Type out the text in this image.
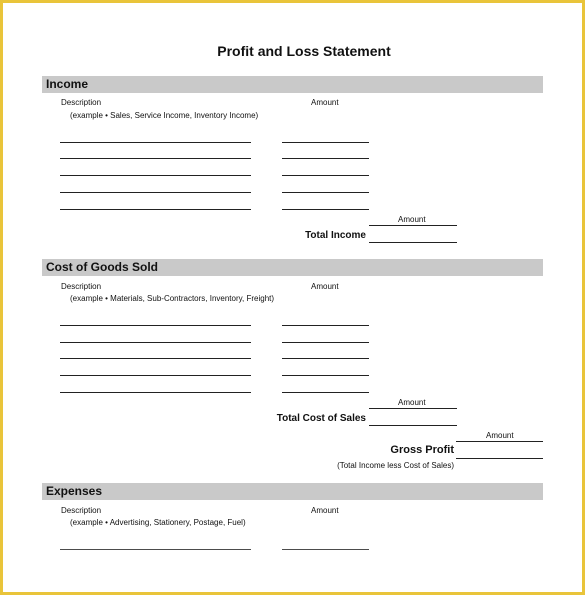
Profit and Loss Statement
Income
Description	Amount
(example • Sales, Service Income, Inventory Income)
Amount
Total Income
Cost of Goods Sold
Description	Amount
(example • Materials, Sub-Contractors, Inventory, Freight)
Amount
Total Cost of Sales
Amount
Gross Profit
(Total Income less Cost of Sales)
Expenses
Description	Amount
(example • Advertising, Stationery, Postage, Fuel)
